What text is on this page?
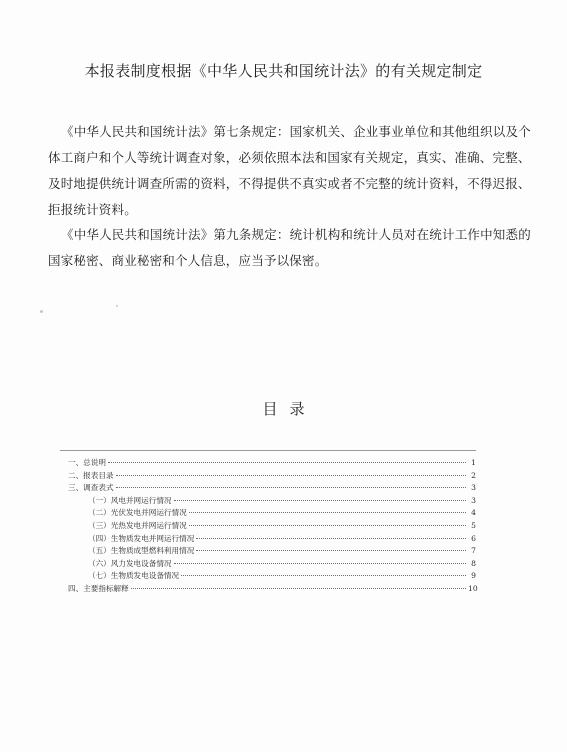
本报表制度根据《中华人民共和国统计法》的有关规定制定

《中华人民共和国统计法》第七条规定：国家机关、企业事业单位和其他组织以及个体工商户和个人等统计调查对象，必须依照本法和国家有关规定，真实、准确、完整、及时地提供统计调查所需的资料，不得提供不真实或者不完整的统计资料，不得迟报、拒报统计资料。

《中华人民共和国统计法》第九条规定：统计机构和统计人员对在统计工作中知悉的国家秘密、商业秘密和个人信息，应当予以保密。

目录
一、总说明	1
二、报表目录	2
三、调查表式	3
（一）风电并网运行情况	3
（二）光伏发电并网运行情况	4
（三）光热发电并网运行情况	5
（四）生物质发电并网运行情况	6
（五）生物质成型燃料利用情况	7
（六）风力发电设备情况	8
（七）生物质发电设备情况	9
四、主要指标解释	10
